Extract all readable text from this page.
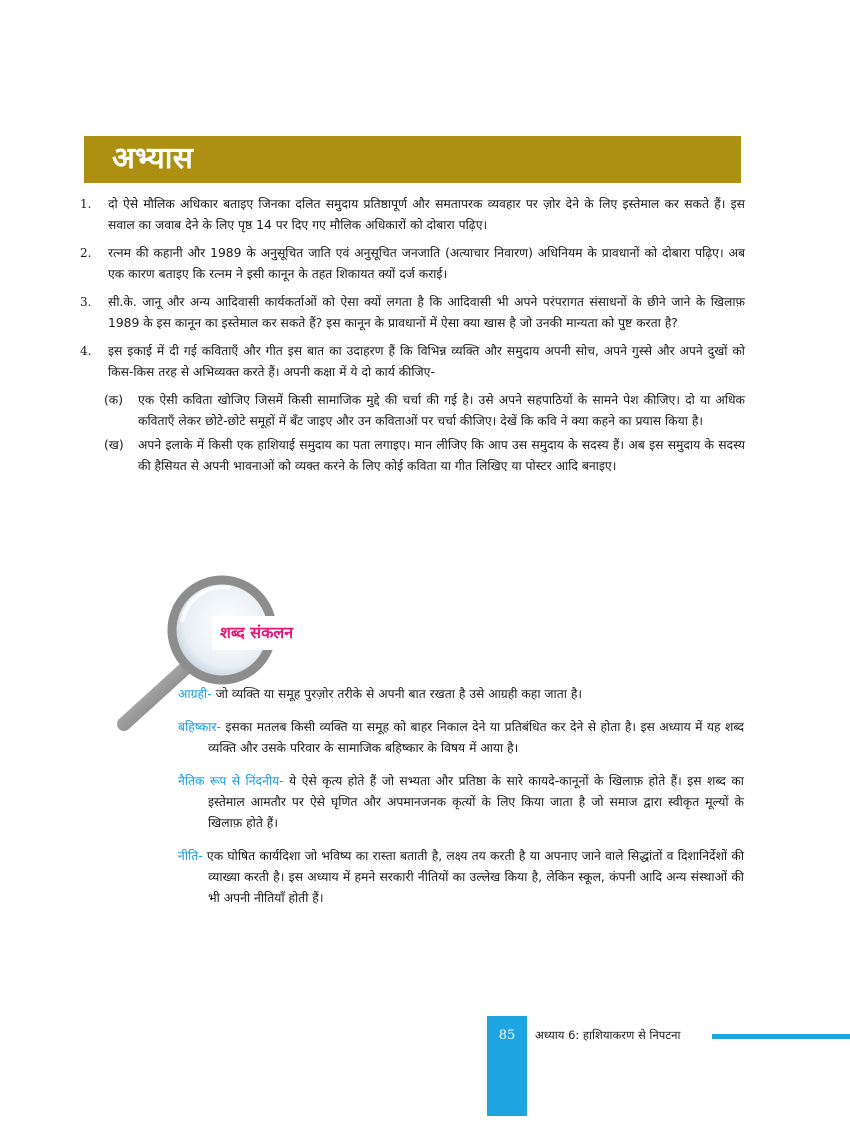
अभ्यास
1.	दो ऐसे मौलिक अधिकार बताइए जिनका दलित समुदाय प्रतिष्ठापूर्ण और समतापरक व्यवहार पर ज़ोर देने के लिए इस्तेमाल कर सकते हैं। इस सवाल का जवाब देने के लिए पृष्ठ 14 पर दिए गए मौलिक अधिकारों को दोबारा पढ़िए।
2.	रत्नम की कहानी और 1989 के अनुसूचित जाति एवं अनुसूचित जनजाति (अत्याचार निवारण) अधिनियम के प्रावधानों को दोबारा पढ़िए। अब एक कारण बताइए कि रत्नम ने इसी कानून के तहत शिकायत क्यों दर्ज कराई।
3.	सी.के. जानू और अन्य आदिवासी कार्यकर्ताओं को ऐसा क्यों लगता है कि आदिवासी भी अपने परंपरागत संसाधनों के छीने जाने के खिलाफ़ 1989 के इस कानून का इस्तेमाल कर सकते हैं? इस कानून के प्रावधानों में ऐसा क्या खास है जो उनकी मान्यता को पुष्ट करता है?
4.	इस इकाई में दी गई कविताएँ और गीत इस बात का उदाहरण हैं कि विभिन्न व्यक्ति और समुदाय अपनी सोच, अपने गुस्से और अपने दुखों को किस-किस तरह से अभिव्यक्त करते हैं। अपनी कक्षा में ये दो कार्य कीजिए-
(क) एक ऐसी कविता खोजिए जिसमें किसी सामाजिक मुद्दे की चर्चा की गई है। उसे अपने सहपाठियों के सामने पेश कीजिए। दो या अधिक कविताएँ लेकर छोटे-छोटे समूहों में बँट जाइए और उन कविताओं पर चर्चा कीजिए। देखें कि कवि ने क्या कहने का प्रयास किया है।
(ख) अपने इलाके में किसी एक हाशियाई समुदाय का पता लगाइए। मान लीजिए कि आप उस समुदाय के सदस्य हैं। अब इस समुदाय के सदस्य की हैसियत से अपनी भावनाओं को व्यक्त करने के लिए कोई कविता या गीत लिखिए या पोस्टर आदि बनाइए।
शब्द संकलन
आग्रही- जो व्यक्ति या समूह पुरज़ोर तरीके से अपनी बात रखता है उसे आग्रही कहा जाता है।
बहिष्कार- इसका मतलब किसी व्यक्ति या समूह को बाहर निकाल देने या प्रतिबंधित कर देने से होता है। इस अध्याय में यह शब्द व्यक्ति और उसके परिवार के सामाजिक बहिष्कार के विषय में आया है।
नैतिक रूप से निंदनीय- ये ऐसे कृत्य होते हैं जो सभ्यता और प्रतिष्ठा के सारे कायदे-कानूनों के खिलाफ़ होते हैं। इस शब्द का इस्तेमाल आमतौर पर ऐसे घृणित और अपमानजनक कृत्यों के लिए किया जाता है जो समाज द्वारा स्वीकृत मूल्यों के खिलाफ़ होते हैं।
नीति- एक घोषित कार्यदिशा जो भविष्य का रास्ता बताती है, लक्ष्य तय करती है या अपनाए जाने वाले सिद्धांतों व दिशानिर्देशों की व्याख्या करती है। इस अध्याय में हमने सरकारी नीतियों का उल्लेख किया है, लेकिन स्कूल, कंपनी आदि अन्य संस्थाओं की भी अपनी नीतियाँ होती हैं।
85	अध्याय 6: हाशियाकरण से निपटना
